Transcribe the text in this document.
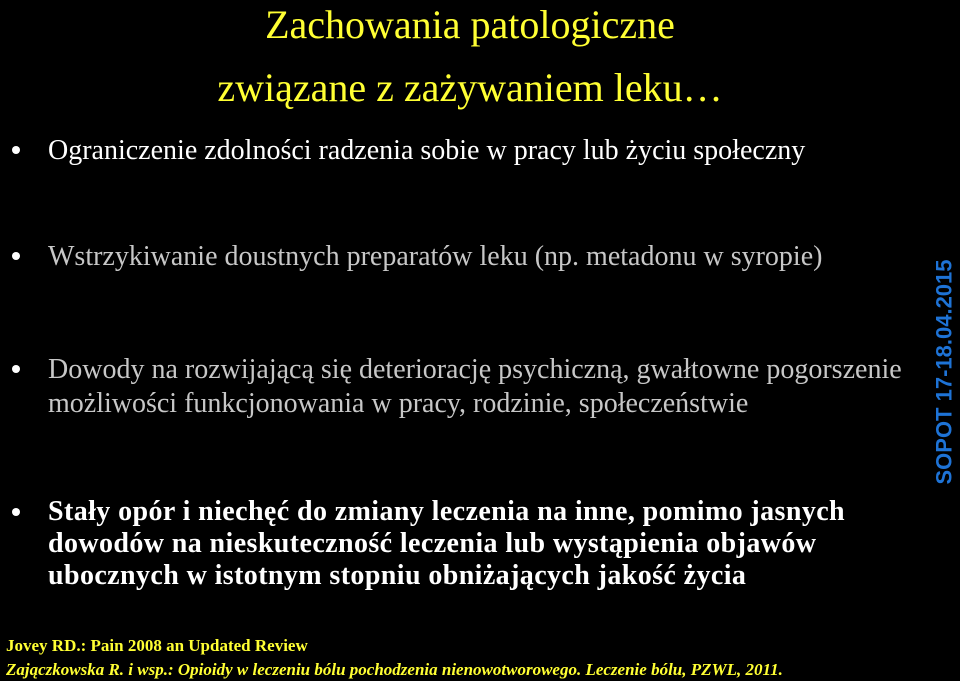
Zachowania patologiczne
związane z zażywaniem leku…
Ograniczenie zdolności radzenia sobie w pracy lub życiu społeczny
Wstrzykiwanie doustnych preparatów leku (np. metadonu w syropie)
Dowody na rozwijającą się deteriorację psychiczną, gwałtowne pogorszenie możliwości funkcjonowania w pracy, rodzinie, społeczeństwie
Stały opór i niechęć do zmiany leczenia na inne, pomimo jasnych dowodów na nieskuteczność leczenia lub wystąpienia objawów ubocznych w istotnym stopniu obniżających jakość życia
SOPOT 17-18.04.2015
Jovey RD.: Pain 2008 an Updated Review
Zajączkowska R. i wsp.: Opioidy w leczeniu bólu pochodzenia nienowotworowego. Leczenie bólu, PZWL, 2011.
